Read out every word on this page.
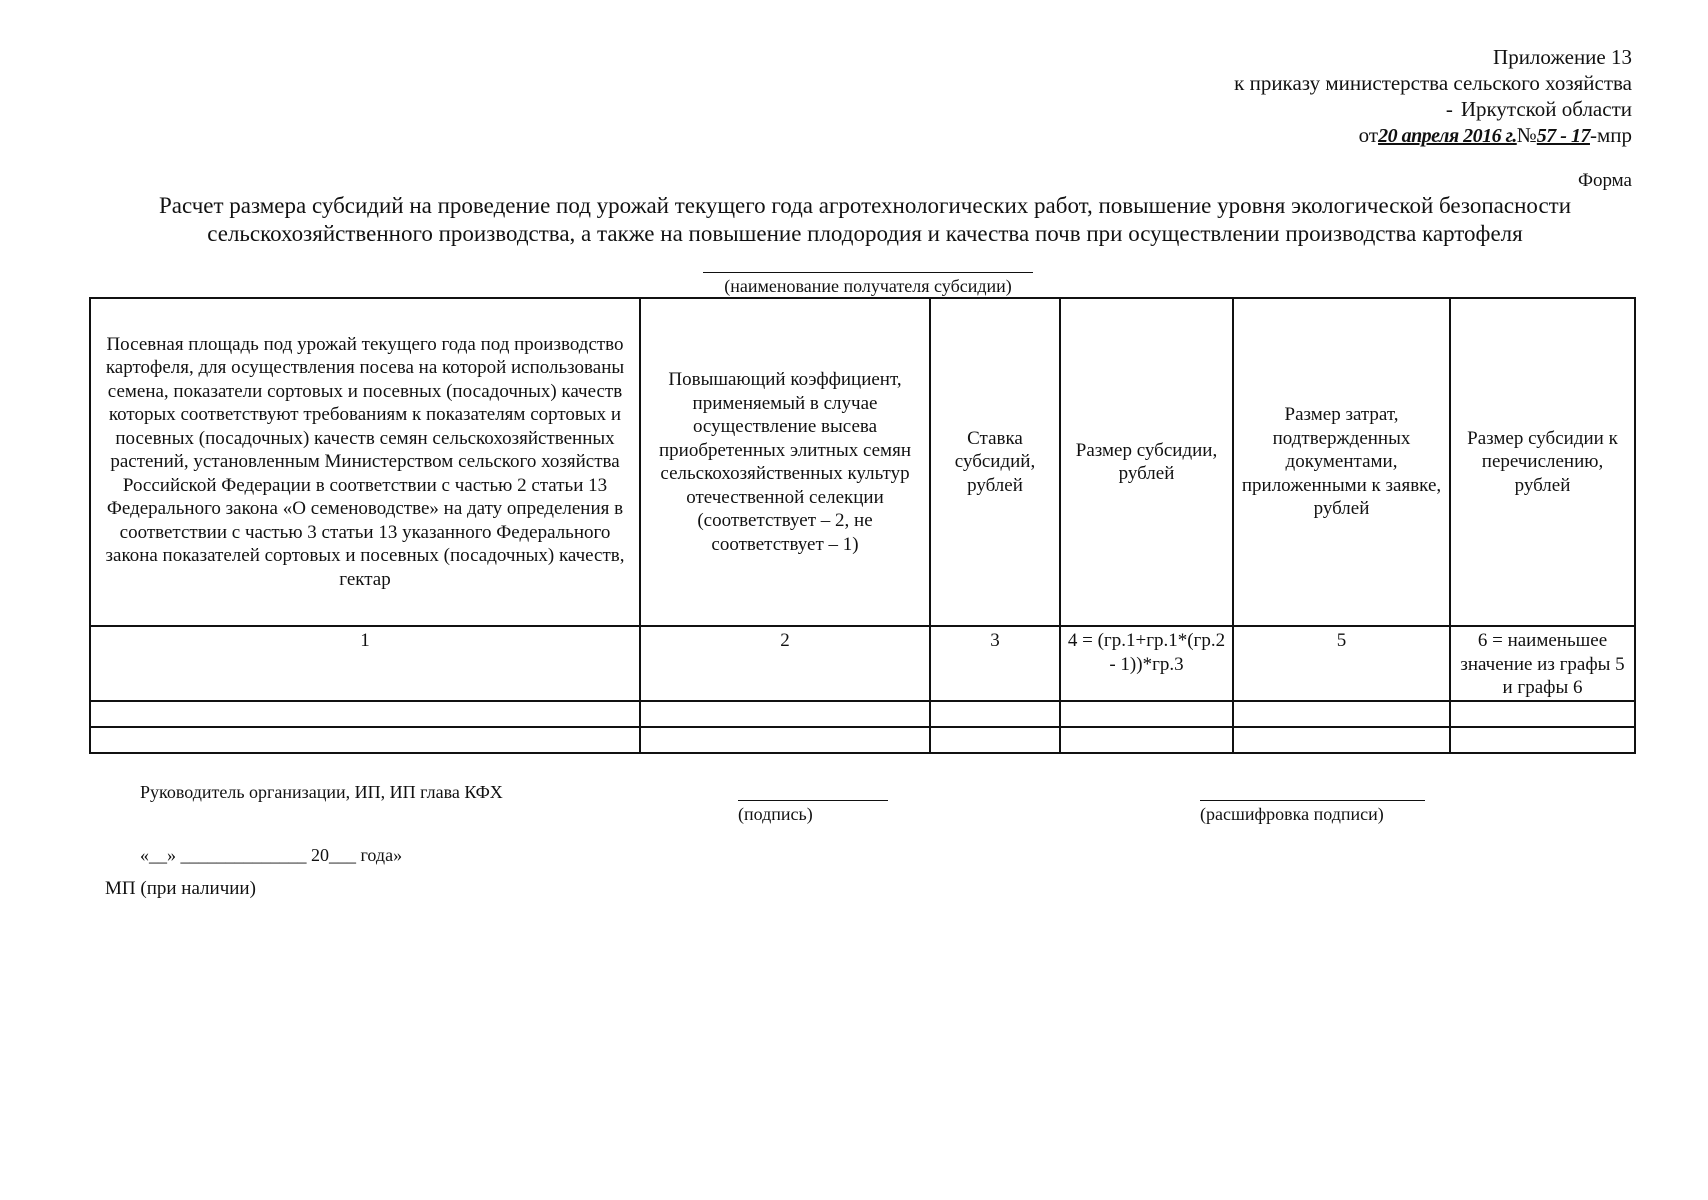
Приложение 13
к приказу министерства сельского хозяйства
- Иркутской области
от20 апреля 2016 г.№57 - 17-мпр
Форма
Расчет размера субсидий на проведение под урожай текущего года агротехнологических работ, повышение уровня экологической безопасности сельскохозяйственного производства, а также на повышение плодородия и качества почв при осуществлении производства картофеля
(наименование получателя субсидии)
Посевная площадь под урожай текущего года под производство картофеля, для осуществления посева на которой использованы семена, показатели сортовых и посевных (посадочных) качеств которых соответствуют требованиям к показателям сортовых и посевных (посадочных) качеств семян сельскохозяйственных растений, установленным Министерством сельского хозяйства Российской Федерации в соответствии с частью 2 статьи 13 Федерального закона «О семеноводстве» на дату определения в соответствии с частью 3 статьи 13 указанного Федерального закона показателей сортовых и посевных (посадочных) качеств, гектар	Повышающий коэффициент, применяемый в случае осуществление высева приобретенных элитных семян сельскохозяйственных культур отечественной селекции (соответствует – 2, не соответствует – 1)	Ставка субсидий, рублей	Размер субсидии, рублей	Размер затрат, подтвержденных документами, приложенными к заявке, рублей	Размер субсидии к перечислению, рублей
1	2	3	4 = (гр.1+гр.1*(гр.2 - 1))*гр.3	5	6 = наименьшее значение из графы 5 и графы 6

Руководитель организации, ИП, ИП глава КФХ
(подпись)	(расшифровка подписи)
«__» ______________ 20___ года»
МП (при наличии)
